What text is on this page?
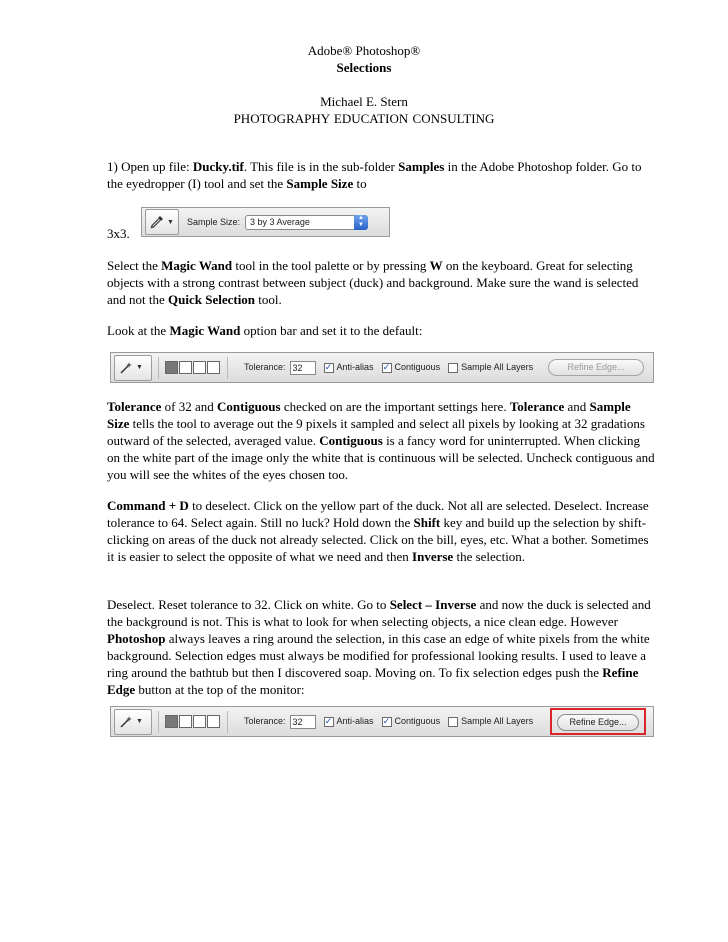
Adobe® Photoshop®
Selections
Michael E. Stern
PHOTOGRAPHY EDUCATION CONSULTING

1) Open up file: Ducky.tif. This file is in the sub-folder Samples in the Adobe Photoshop folder. Go to the eyedropper (I) tool and set the Sample Size to

▼ Sample Size: 3 by 3 Average	▲
▼
3x3.

Select the Magic Wand tool in the tool palette or by pressing W on the keyboard. Great for selecting objects with a strong contrast between subject (duck) and background. Make sure the wand is selected and not the Quick Selection tool.

Look at the Magic Wand option bar and set it to the default:

▼	Tolerance: 32	✓ Anti-alias ✓ Contiguous Sample All Layers	Refine Edge...

Tolerance of 32 and Contiguous checked on are the important settings here. Tolerance and Sample Size tells the tool to average out the 9 pixels it sampled and select all pixels by looking at 32 gradations outward of the selected, averaged value. Contiguous is a fancy word for uninterrupted. When clicking on the white part of the image only the white that is continuous will be selected. Uncheck contiguous and you will see the whites of the eyes chosen too.

Command + D to deselect. Click on the yellow part of the duck. Not all are selected. Deselect. Increase tolerance to 64. Select again. Still no luck? Hold down the Shift key and build up the selection by shift-clicking on areas of the duck not already selected. Click on the bill, eyes, etc. What a bother. Sometimes it is easier to select the opposite of what we need and then Inverse the selection.

Deselect. Reset tolerance to 32. Click on white. Go to Select – Inverse and now the duck is selected and the background is not. This is what to look for when selecting objects, a nice clean edge. However Photoshop always leaves a ring around the selection, in this case an edge of white pixels from the white background. Selection edges must always be modified for professional looking results. I used to leave a ring around the bathtub but then I discovered soap. Moving on. To fix selection edges push the Refine Edge button at the top of the monitor:

▼	Tolerance: 32	✓ Anti-alias ✓ Contiguous Sample All Layers	Refine Edge...
